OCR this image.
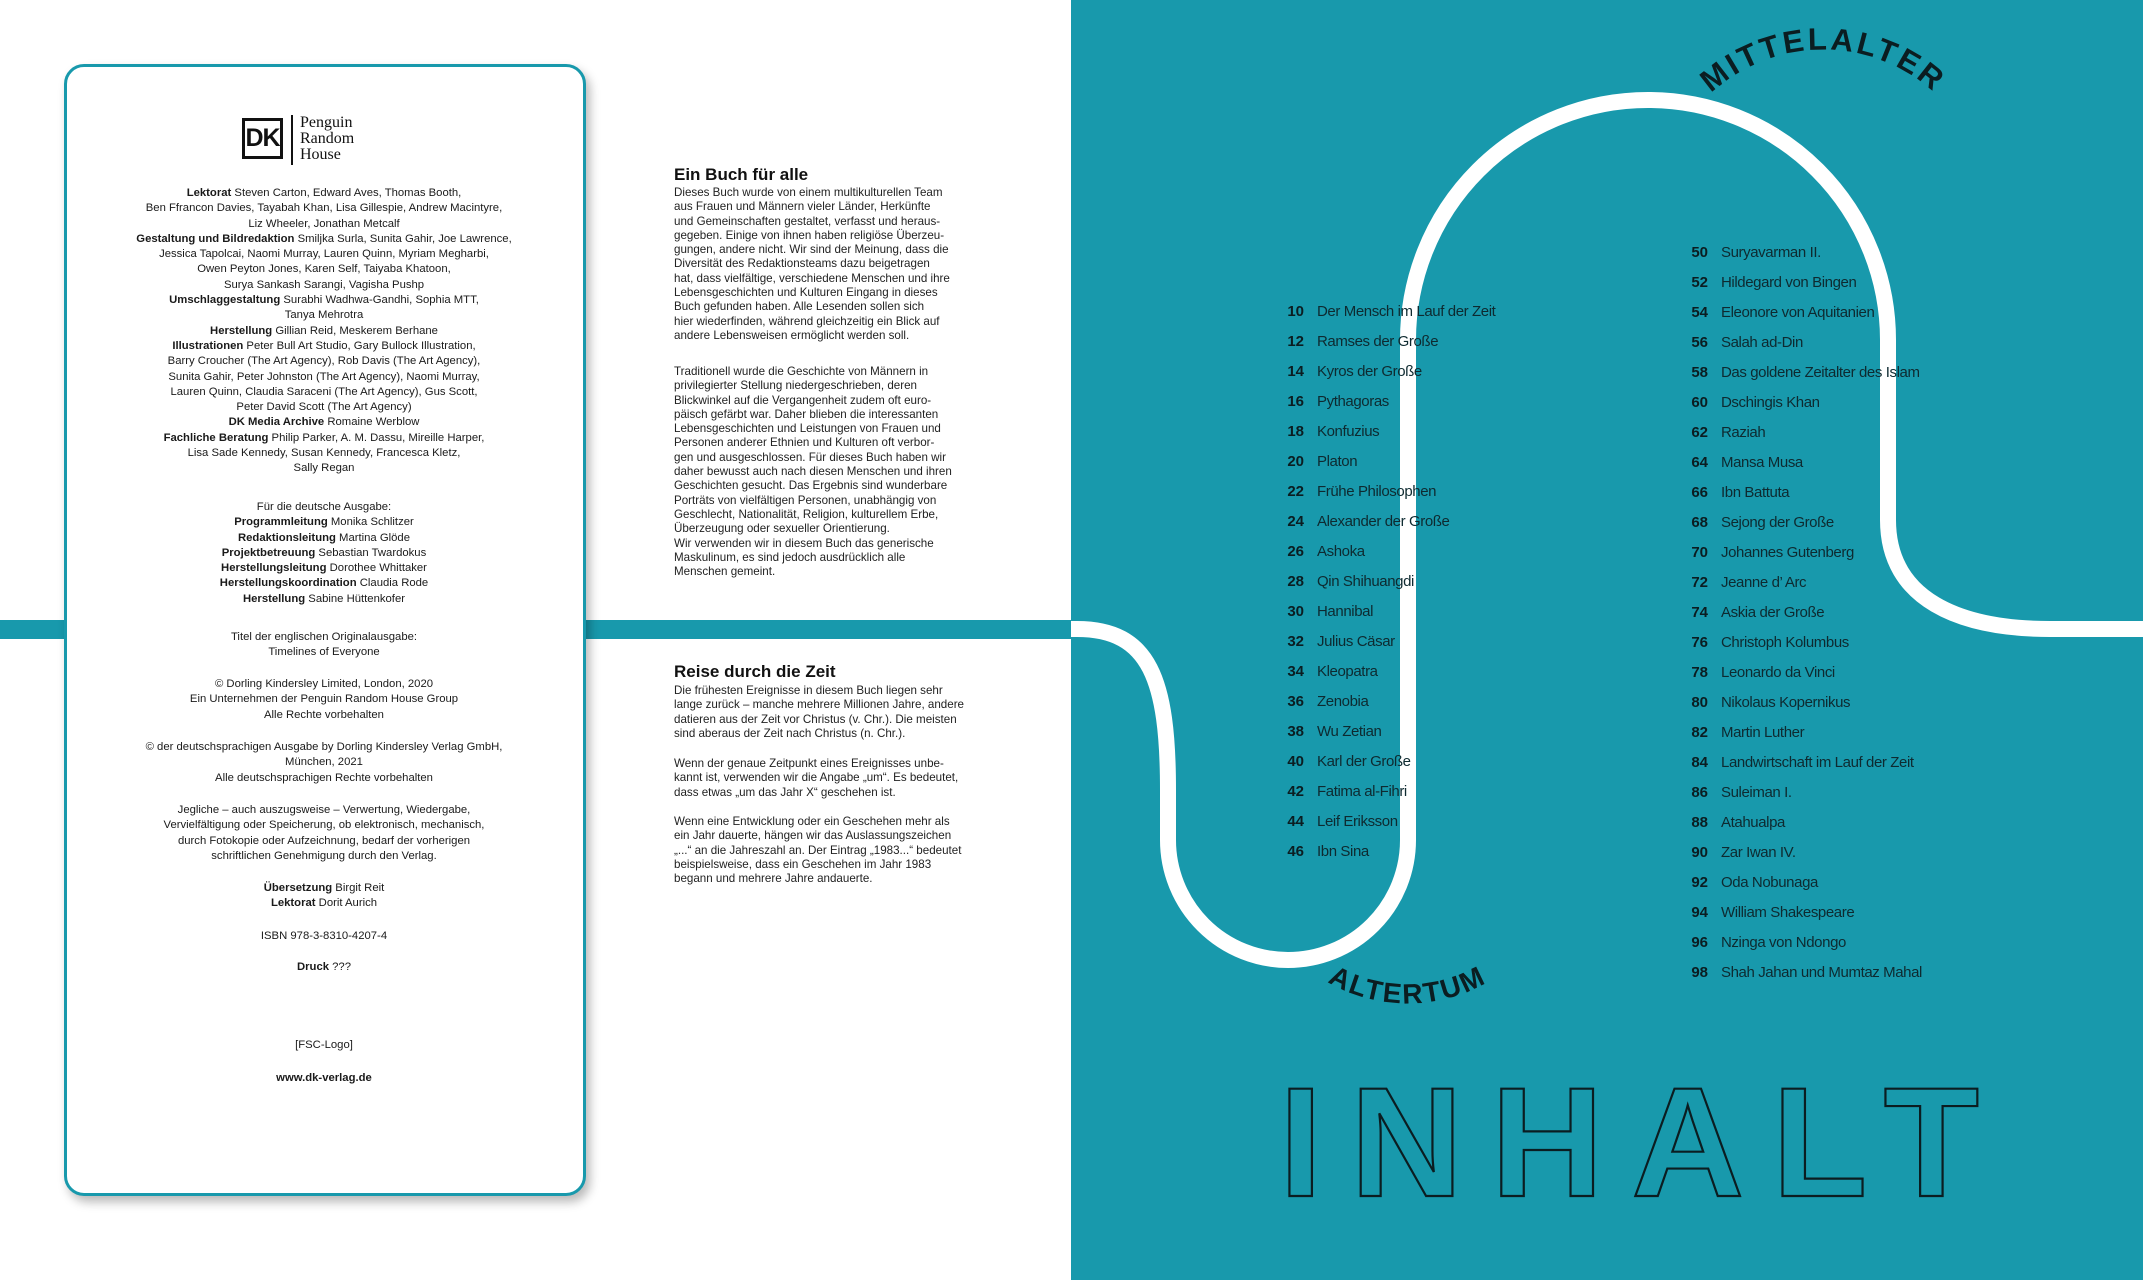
MITTELALTER
ALTERTUM
DK
Penguin
Random
House
Lektorat Steven Carton, Edward Aves, Thomas Booth,
Ben Ffrancon Davies, Tayabah Khan, Lisa Gillespie, Andrew Macintyre,
Liz Wheeler, Jonathan Metcalf
Gestaltung und Bildredaktion Smiljka Surla, Sunita Gahir, Joe Lawrence,
Jessica Tapolcai, Naomi Murray, Lauren Quinn, Myriam Megharbi,
Owen Peyton Jones, Karen Self, Taiyaba Khatoon,
Surya Sankash Sarangi, Vagisha Pushp
Umschlaggestaltung Surabhi Wadhwa-Gandhi, Sophia MTT,
Tanya Mehrotra
Herstellung Gillian Reid, Meskerem Berhane
Illustrationen Peter Bull Art Studio, Gary Bullock Illustration,
Barry Croucher (The Art Agency), Rob Davis (The Art Agency),
Sunita Gahir, Peter Johnston (The Art Agency), Naomi Murray,
Lauren Quinn, Claudia Saraceni (The Art Agency), Gus Scott,
Peter David Scott (The Art Agency)
DK Media Archive Romaine Werblow
Fachliche Beratung Philip Parker, A. M. Dassu, Mireille Harper,
Lisa Sade Kennedy, Susan Kennedy, Francesca Kletz,
Sally Regan
Für die deutsche Ausgabe:
Programmleitung Monika Schlitzer
Redaktionsleitung Martina Glöde
Projektbetreuung Sebastian Twardokus
Herstellungsleitung Dorothee Whittaker
Herstellungskoordination Claudia Rode
Herstellung Sabine Hüttenkofer
Titel der englischen Originalausgabe:
Timelines of Everyone
© Dorling Kindersley Limited, London, 2020
Ein Unternehmen der Penguin Random House Group
Alle Rechte vorbehalten
© der deutschsprachigen Ausgabe by Dorling Kindersley Verlag GmbH,
München, 2021
Alle deutschsprachigen Rechte vorbehalten
Jegliche – auch auszugsweise – Verwertung, Wiedergabe,
Vervielfältigung oder Speicherung, ob elektronisch, mechanisch,
durch Fotokopie oder Aufzeichnung, bedarf der vorherigen
schriftlichen Genehmigung durch den Verlag.
Übersetzung Birgit Reit
Lektorat Dorit Aurich
ISBN 978-3-8310-4207-4
Druck ???
[FSC-Logo]
www.dk-verlag.de
Ein Buch für alle
Dieses Buch wurde von einem multikulturellen Team
aus Frauen und Männern vieler Länder, Herkünfte
und Gemeinschaften gestaltet, verfasst und heraus-
gegeben. Einige von ihnen haben religiöse Überzeu-
gungen, andere nicht. Wir sind der Meinung, dass die
Diversität des Redaktionsteams dazu beigetragen
hat, dass vielfältige, verschiedene Menschen und ihre
Lebensgeschichten und Kulturen Eingang in dieses
Buch gefunden haben. Alle Lesenden sollen sich
hier wiederfinden, während gleichzeitig ein Blick auf
andere Lebensweisen ermöglicht werden soll.
Traditionell wurde die Geschichte von Männern in
privilegierter Stellung niedergeschrieben, deren
Blickwinkel auf die Vergangenheit zudem oft euro-
päisch gefärbt war. Daher blieben die interessanten
Lebensgeschichten und Leistungen von Frauen und
Personen anderer Ethnien und Kulturen oft verbor-
gen und ausgeschlossen. Für dieses Buch haben wir
daher bewusst auch nach diesen Menschen und ihren
Geschichten gesucht. Das Ergebnis sind wunderbare
Porträts von vielfältigen Personen, unabhängig von
Geschlecht, Nationalität, Religion, kulturellem Erbe,
Überzeugung oder sexueller Orientierung.
Wir verwenden wir in diesem Buch das generische
Maskulinum, es sind jedoch ausdrücklich alle
Menschen gemeint.
Reise durch die Zeit
Die frühesten Ereignisse in diesem Buch liegen sehr
lange zurück – manche mehrere Millionen Jahre, andere
datieren aus der Zeit vor Christus (v. Chr.). Die meisten
sind aberaus der Zeit nach Christus (n. Chr.).
Wenn der genaue Zeitpunkt eines Ereignisses unbe-
kannt ist, verwenden wir die Angabe „um“. Es bedeutet,
dass etwas „um das Jahr X“ geschehen ist.
Wenn eine Entwicklung oder ein Geschehen mehr als
ein Jahr dauerte, hängen wir das Auslassungszeichen
„...“ an die Jahreszahl an. Der Eintrag „1983...“ bedeutet
beispielsweise, dass ein Geschehen im Jahr 1983
begann und mehrere Jahre andauerte.
10 Der Mensch im Lauf der Zeit
12 Ramses der Große
14 Kyros der Große
16 Pythagoras
18 Konfuzius
20 Platon
22 Frühe Philosophen
24 Alexander der Große
26 Ashoka
28 Qin Shihuangdi
30 Hannibal
32 Julius Cäsar
34 Kleopatra
36 Zenobia
38 Wu Zetian
40 Karl der Große
42 Fatima al-Fihri
44 Leif Eriksson
46 Ibn Sina
50 Suryavarman II.
52 Hildegard von Bingen
54 Eleonore von Aquitanien
56 Salah ad-Din
58 Das goldene Zeitalter des Islam
60 Dschingis Khan
62 Raziah
64 Mansa Musa
66 Ibn Battuta
68 Sejong der Große
70 Johannes Gutenberg
72 Jeanne d’ Arc
74 Askia der Große
76 Christoph Kolumbus
78 Leonardo da Vinci
80 Nikolaus Kopernikus
82 Martin Luther
84 Landwirtschaft im Lauf der Zeit
86 Suleiman I.
88 Atahualpa
90 Zar Iwan IV.
92 Oda Nobunaga
94 William Shakespeare
96 Nzinga von Ndongo
98 Shah Jahan und Mumtaz Mahal
INHALT
